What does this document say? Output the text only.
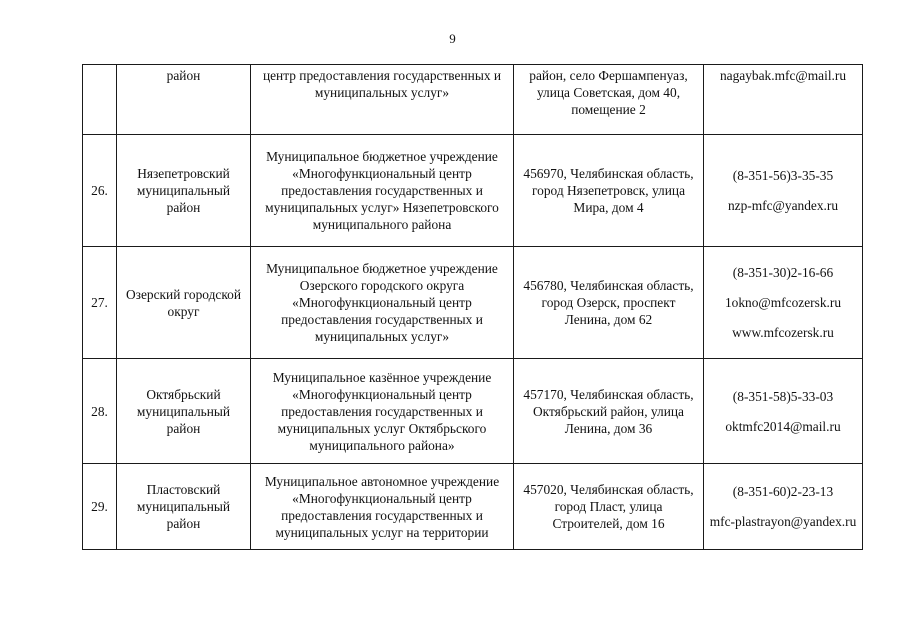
9
	район	центр предоставления государственных и муниципальных услуг»	район, село Фершампенуаз, улица Советская, дом 40, помещение 2	nagaybak.mfc@mail.ru

26.	Нязепетровский муниципальный район	Муниципальное бюджетное учреждение «Многофункциональный центр предоставления государственных и муниципальных услуг» Нязепетровского муниципального района	456970, Челябинская область, город Нязепетровск, улица Мира, дом 4	(8-351-56)3-35-35
nzp-mfc@yandex.ru

27.	Озерский городской округ	Муниципальное бюджетное учреждение Озерского городского округа «Многофункциональный центр предоставления государственных и муниципальных услуг»	456780, Челябинская область, город Озерск, проспект Ленина, дом 62	(8-351-30)2-16-66
1okno@mfcozersk.ru
www.mfcozersk.ru

28.	Октябрьский муниципальный район	Муниципальное казённое учреждение «Многофункциональный центр предоставления государственных и муниципальных услуг Октябрьского муниципального района»	457170, Челябинская область, Октябрьский район, улица Ленина, дом 36	(8-351-58)5-33-03
oktmfc2014@mail.ru

29.	Пластовский муниципальный район	Муниципальное автономное учреждение «Многофункциональный центр предоставления государственных и муниципальных услуг на территории	457020, Челябинская область, город Пласт, улица Строителей, дом 16	(8-351-60)2-23-13
mfc-plastrayon@yandex.ru
